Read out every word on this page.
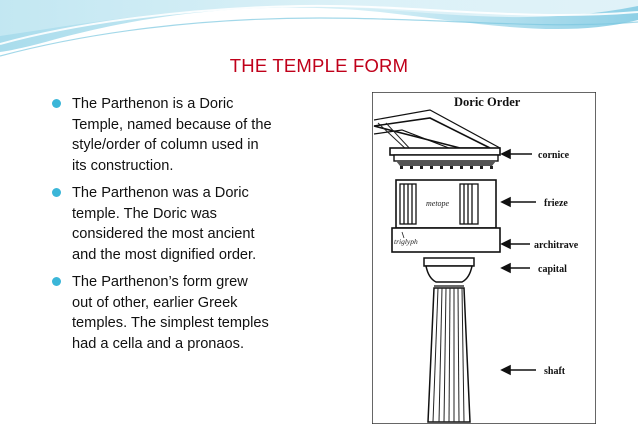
THE TEMPLE FORM
The Parthenon is a Doric
Temple, named because of the
style/order of column used in
its construction.
The Parthenon was a Doric
temple. The Doric was
considered the most ancient
and the most dignified order.
The Parthenon’s form grew
out of other, earlier Greek
temples. The simplest temples
had a cella and a pronaos.
Doric Order
metope
triglyph
cornice
frieze
architrave
capital
shaft
